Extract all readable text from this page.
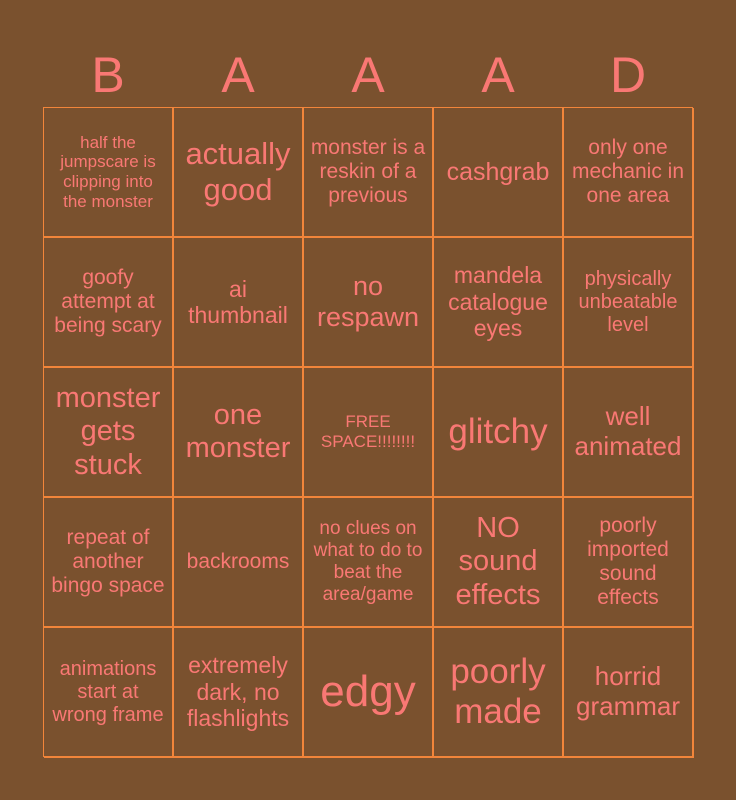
B	A	A	A	D
half the jumpscare is clipping into the monster
actually good
monster is a reskin of a previous
cashgrab
only one mechanic in one area
goofy attempt at being scary
ai thumbnail
no respawn
mandela catalogue eyes
physically unbeatable level
monster gets stuck
one monster
FREE SPACE!!!!!!!! glitchy	well animated
repeat of another bingo space
backrooms
no clues on what to do to beat the area/game
NO sound effects
poorly imported sound effects
animations start at wrong frame
extremely dark, no flashlights
edgy poorly made
horrid grammar
